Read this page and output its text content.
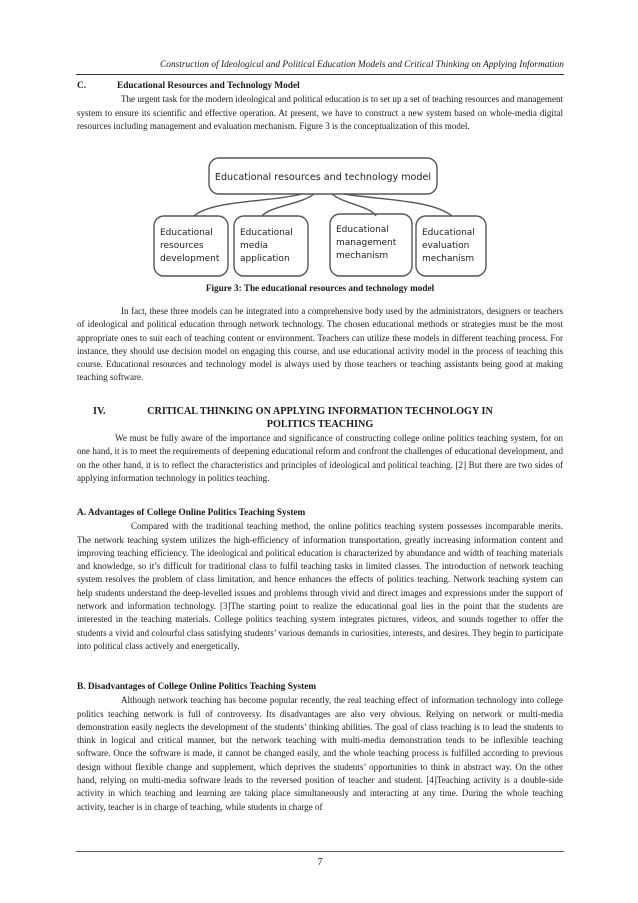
Construction of Ideological and Political Education Models and Critical Thinking on Applying Information

C.	Educational Resources and Technology Model

The urgent task for the modern ideological and political education is to set up a set of teaching resources and management system to ensure its scientific and effective operation. At present, we have to construct a new system based on whole-media digital resources including management and evaluation mechanism. Figure 3 is the conceptualization of this model.

Educational resources and technology model
Educational
resources
development
Educational
media
application
Educational
management
mechanism
Educational
evaluation
mechanism
Figure 3: The educational resources and technology model

In fact, these three models can be integrated into a comprehensive body used by the administrators, designers or teachers of ideological and political education through network technology. The chosen educational methods or strategies must be the most appropriate ones to suit each of teaching content or environment. Teachers can utilize these models in different teaching process. For instance, they should use decision model on engaging this course, and use educational activity model in the process of teaching this course. Educational resources and technology model is always used by those teachers or teaching assistants being good at making teaching software.

IV.	CRITICAL THINKING ON APPLYING INFORMATION TECHNOLOGY IN
POLITICS TEACHING

We must be fully aware of the importance and significance of constructing college online politics teaching system, for on one hand, it is to meet the requirements of deepening educational reform and confront the challenges of educational development, and on the other hand, it is to reflect the characteristics and principles of ideological and political teaching. [2] But there are two sides of applying information technology in politics teaching.

A. Advantages of College Online Politics Teaching System

Compared with the traditional teaching method, the online politics teaching system possesses incomparable merits. The network teaching system utilizes the high-efficiency of information transportation, greatly increasing information content and improving teaching efficiency. The ideological and political education is characterized by abundance and width of teaching materials and knowledge, so it’s difficult for traditional class to fulfil teaching tasks in limited classes. The introduction of network teaching system resolves the problem of class limitation, and hence enhances the effects of politics teaching. Network teaching system can help students understand the deep-levelled issues and problems through vivid and direct images and expressions under the support of network and information technology. [3]The starting point to realize the educational goal lies in the point that the students are interested in the teaching materials. College politics teaching system integrates pictures, videos, and sounds together to offer the students a vivid and colourful class satisfying students’ various demands in curiosities, interests, and desires. They begin to participate into political class actively and energetically.

B. Disadvantages of College Online Politics Teaching System

Although network teaching has become popular recently, the real teaching effect of information technology into college politics teaching network is full of controversy. Its disadvantages are also very obvious. Relying on network or multi-media demonstration easily neglects the development of the students’ thinking abilities. The goal of class teaching is to lead the students to think in logical and critical manner, but the network teaching with multi-media demonstration tends to be inflexible teaching software. Once the software is made, it cannot be changed easily, and the whole teaching process is fulfilled according to previous design without flexible change and supplement, which deprives the students’ opportunities to think in abstract way. On the other hand, relying on multi-media software leads to the reversed position of teacher and student. [4]Teaching activity is a double-side activity in which teaching and learning are taking place simultaneously and interacting at any time. During the whole teaching activity, teacher is in charge of teaching, while students in charge of

7
